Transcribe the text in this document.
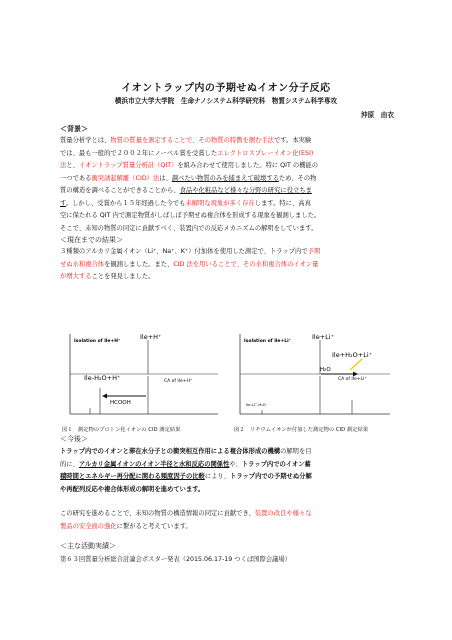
イオントラップ内の予期せぬイオン分子反応
横浜市立大学大学院　生命ナノシステム科学研究科　物質システム科学専攻
沖原　由衣
＜背景＞

質量分析学とは、物質の質量を測定することで、その物質の特徴を掴む手法です。本実験

では、最も一般的で２００２年にノーベル賞を受賞したエレクトロスプレーイオン化(ESI)

法と、イオントラップ質量分析計（QIT）を組み合わせて使用しました。特に QIT の機能の

一つである衝突誘起解離（CID）法は、調べたい物質のみを捕まえて破壊するため、その物

質の構造を調べることができることから、食品や化粧品など様々な分野の研究に役立ちま

す。しかし、受賞から１５年経過した今でも未解明な現象が多く存在します。特に、高真

空に保たれる QIT 内で測定物質がしばしば予期せぬ複合体を形成する現象を観測しました。

そこで、未知の物質の同定に貢献すべく、装置内での反応メカニズムの解明をしています。

＜現在までの結果＞

３種類のアルカリ金属イオン（Li⁺、Na⁺、K⁺）付加体を使用した測定で、トラップ内で予期

せぬ水和複合体を観測しました。また、CID 法を用いることで、その水和複合体のイオン量

が増大することを発見しました。

Isolation of Ile+H⁺
CA of Ile+H⁺
Ile+H⁺
Ile-H₂O+H⁺
HCOOH
図１　測定物のプロトン化イオンの CID 測定結果
Isolation of Ile+Li⁺
CA of Ile+Li⁺
Ile+Li⁺
Ile+H₂O+Li⁺
H₂O
Ile-Li⁺-H₂O
図２　リチウムイオンが付加した測定物の CID 測定結果
＜今後＞

トラップ内でのイオンと滞在水分子との衝突相互作用による複合体形成の機構の解明を目

的に、アルカリ金属イオンのイオン半径と水和反応の関係性や、トラップ内でのイオン蓄

積時間とエネルギー再分配に関わる頻度因子の比較により、トラップ内での予期せぬ分解

や再配列反応や複合体形成の解明を進めています。

この研究を進めることで、未知の物質の構造情報の同定に貢献でき、装置の改良や様々な

製品の安全面の強化に繋がると考えています。

＜主な活動実績＞

第６３回質量分析総合討論会ポスター発表（2015.06.17-19 つくば国際会議場）
